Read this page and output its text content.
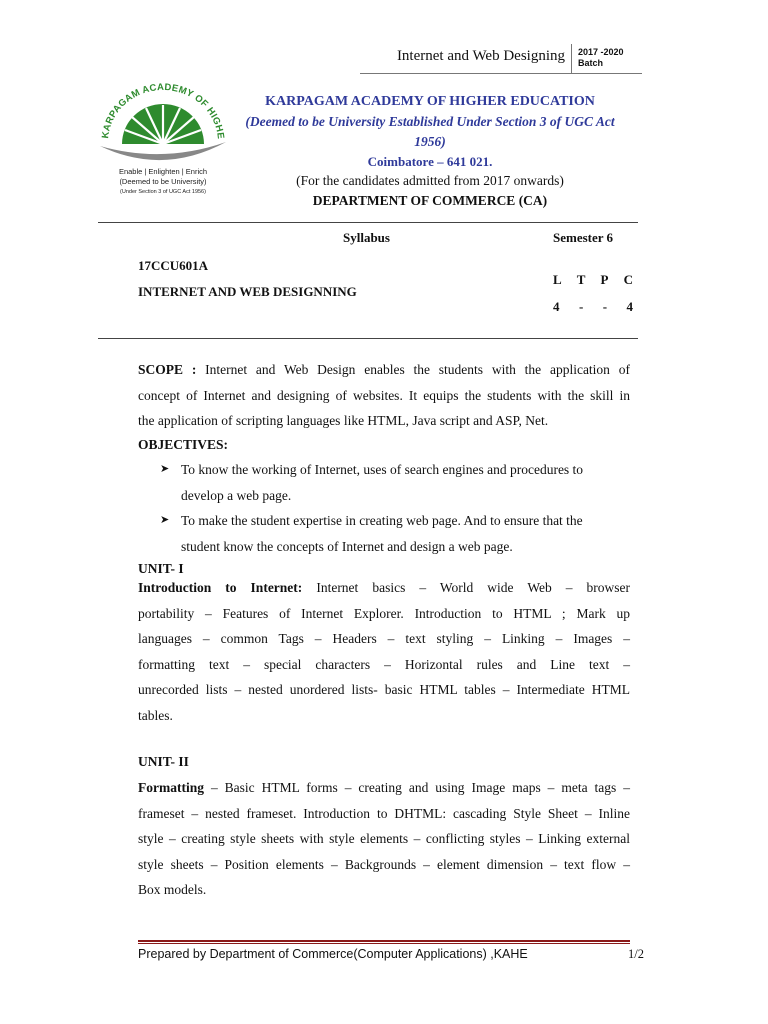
Internet and Web Designing 2017 -2020
Batch
KARPAGAM ACADEMY OF HIGHE
Enable | Enlighten | Enrich
(Deemed to be University)
(Under Section 3 of UGC Act 1956)
KARPAGAM ACADEMY OF HIGHER EDUCATION
(Deemed to be University Established Under Section 3 of UGC Act
1956)
Coimbatore – 641 021.
(For the candidates admitted from 2017 onwards)
DEPARTMENT OF COMMERCE (CA)
Syllabus	Semester 6
17CCU601A
INTERNET AND WEB DESIGNNING
L T P C
4 - - 4
SCOPE : Internet and Web Design enables the students with the application of
concept of Internet and designing of websites. It equips the students with the skill in
the application of scripting languages like HTML, Java script and ASP, Net.
OBJECTIVES:
➤ To know the working of Internet, uses of search engines and procedures to
develop a web page.
➤ To make the student expertise in creating web page. And to ensure that the
student know the concepts of Internet and design a web page.
UNIT- I
Introduction to Internet: Internet basics – World wide Web – browser
portability – Features of Internet Explorer. Introduction to HTML ; Mark up
languages – common Tags – Headers – text styling – Linking – Images –
formatting text – special characters – Horizontal rules and Line text –
unrecorded lists – nested unordered lists- basic HTML tables – Intermediate HTML
tables.
UNIT- II
Formatting – Basic HTML forms – creating and using Image maps – meta tags –
frameset – nested frameset. Introduction to DHTML: cascading Style Sheet – Inline
style – creating style sheets with style elements – conflicting styles – Linking external
style sheets – Position elements – Backgrounds – element dimension – text flow –
Box models.
Prepared by Department of Commerce(Computer Applications) ,KAHE	1/2
